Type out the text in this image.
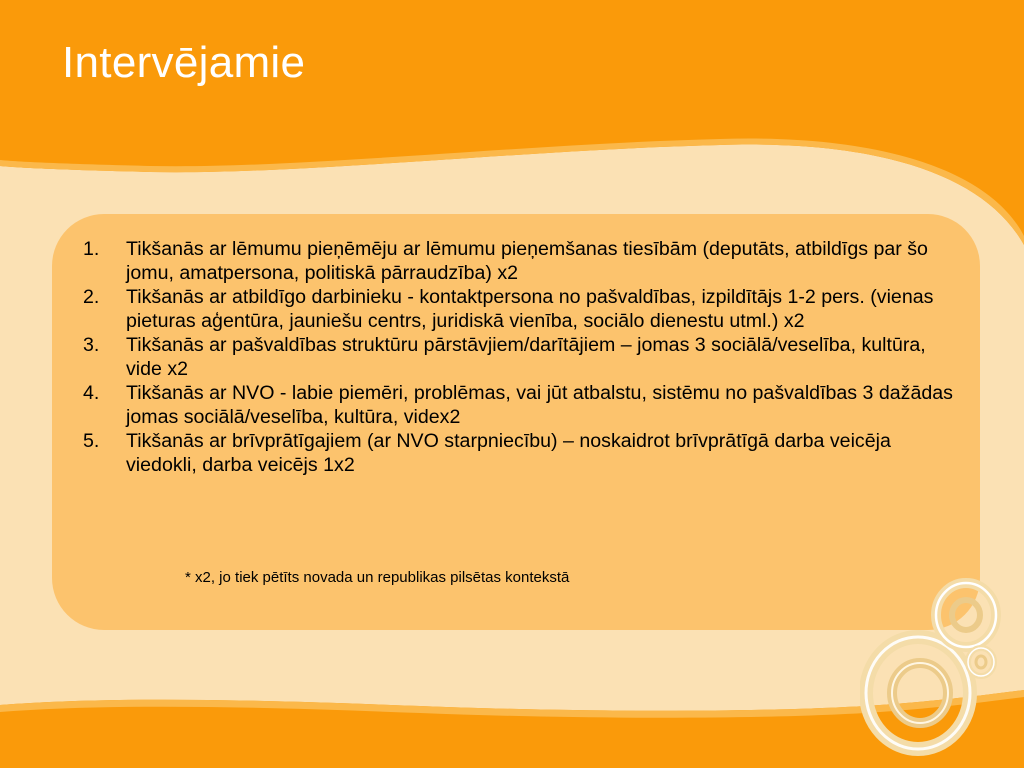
Intervējamie
1. Tikšanās ar lēmumu pieņēmēju ar lēmumu pieņemšanas tiesībām (deputāts, atbildīgs par šo jomu, amatpersona, politiskā pārraudzība) x2
2. Tikšanās ar atbildīgo darbinieku - kontaktpersona no pašvaldības, izpildītājs 1-2 pers. (vienas pieturas aģentūra, jauniešu centrs, juridiskā vienība, sociālo dienestu utml.) x2
3. Tikšanās ar pašvaldības struktūru pārstāvjiem/darītājiem – jomas 3 sociālā/veselība, kultūra, vide x2
4. Tikšanās ar NVO - labie piemēri, problēmas, vai jūt atbalstu, sistēmu no pašvaldības 3 dažādas jomas sociālā/veselība, kultūra, videx2
5. Tikšanās ar brīvprātīgajiem (ar NVO starpniecību) – noskaidrot brīvprātīgā darba veicēja viedokli, darba veicējs 1x2
* x2, jo tiek pētīts novada un republikas pilsētas kontekstā
